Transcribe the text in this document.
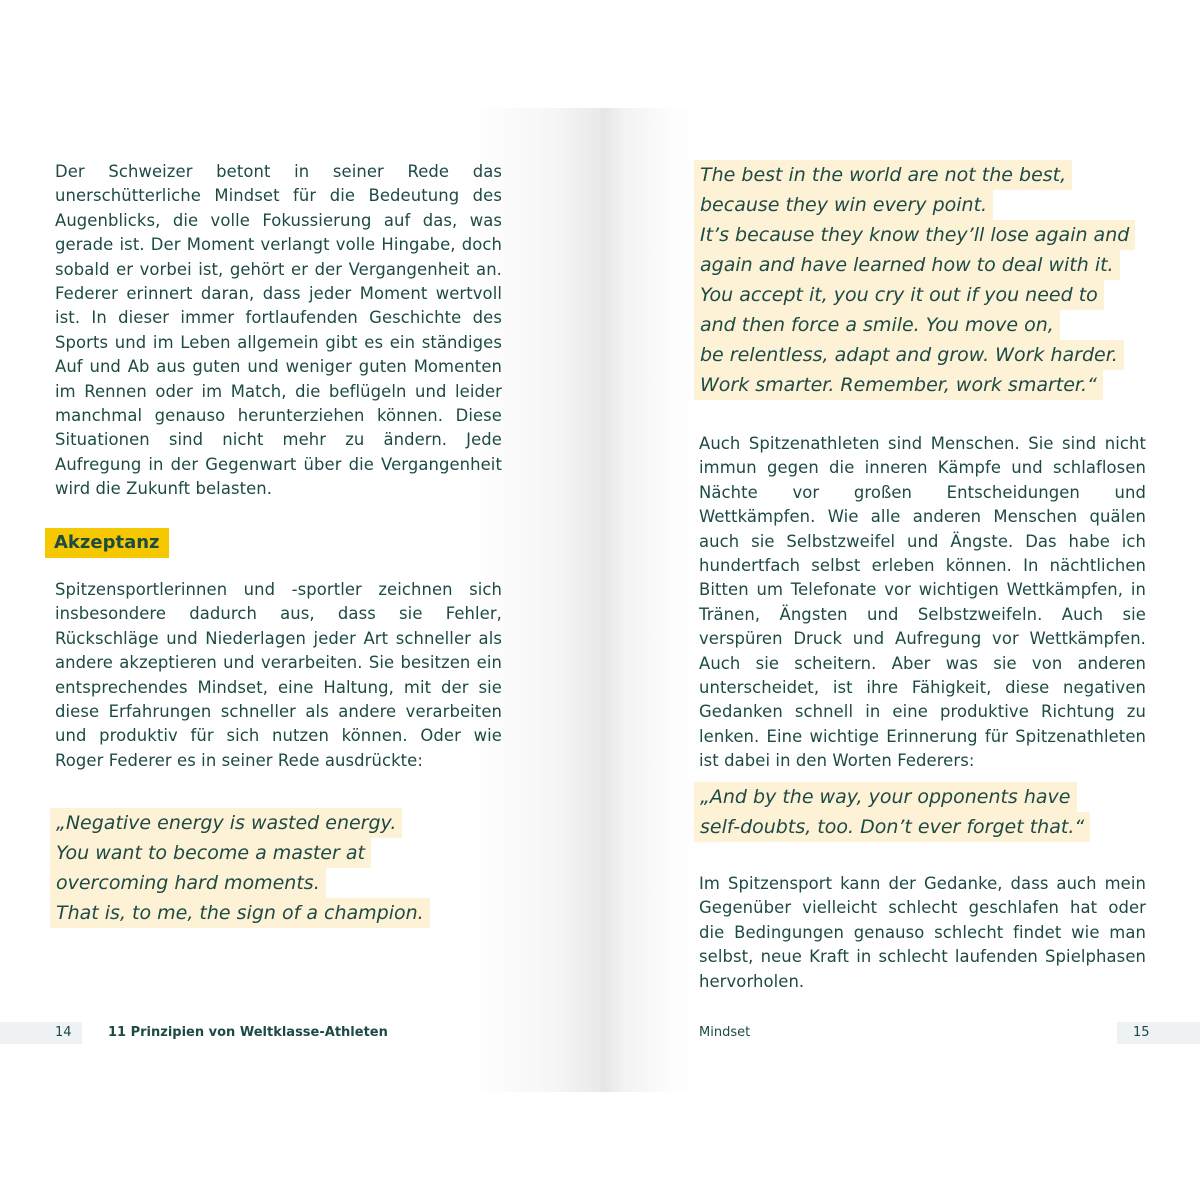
Der Schweizer betont in seiner Rede das unerschütterliche Mindset für die Bedeutung des Augenblicks, die volle Fokussierung auf das, was gerade ist. Der Moment verlangt volle Hingabe, doch sobald er vorbei ist, gehört er der Vergangenheit an. Federer erinnert daran, dass jeder Moment wertvoll ist. In dieser immer fortlaufenden Geschichte des Sports und im Leben allgemein gibt es ein ständiges Auf und Ab aus guten und weniger guten Momenten im Rennen oder im Match, die beflügeln und leider manchmal genauso herunterziehen können. Diese Situationen sind nicht mehr zu ändern. Jede Aufregung in der Gegenwart über die Vergangenheit wird die Zukunft belasten.

Akzeptanz

Spitzensportlerinnen und -sportler zeichnen sich insbesondere dadurch aus, dass sie Fehler, Rückschläge und Niederlagen jeder Art schneller als andere akzeptieren und verarbeiten. Sie besitzen ein entsprechendes Mindset, eine Haltung, mit der sie diese Erfahrungen schneller als andere verarbeiten und produktiv für sich nutzen können. Oder wie Roger Federer es in seiner Rede ausdrückte:

„Negative energy is wasted energy.
You want to become a master at
overcoming hard moments.
That is, to me, the sign of a champion.
14	11 Prinzipien von Weltklasse-Athleten
The best in the world are not the best,
because they win every point.
It’s because they know they’ll lose again and
again and have learned how to deal with it.
You accept it, you cry it out if you need to
and then force a smile. You move on,
be relentless, adapt and grow. Work harder.
Work smarter. Remember, work smarter.“

Auch Spitzenathleten sind Menschen. Sie sind nicht immun gegen die inneren Kämpfe und schlaflosen Nächte vor großen Entscheidungen und Wettkämpfen. Wie alle anderen Menschen quälen auch sie Selbstzweifel und Ängste. Das habe ich hundertfach selbst erleben können. In nächtlichen Bitten um Telefonate vor wichtigen Wettkämpfen, in Tränen, Ängsten und Selbstzweifeln. Auch sie verspüren Druck und Aufregung vor Wettkämpfen. Auch sie scheitern. Aber was sie von anderen unterscheidet, ist ihre Fähigkeit, diese negativen Gedanken schnell in eine produktive Richtung zu lenken. Eine wichtige Erinnerung für Spitzenathleten ist dabei in den Worten Federers:

„And by the way, your opponents have
self-doubts, too. Don’t ever forget that.“

Im Spitzensport kann der Gedanke, dass auch mein Gegenüber vielleicht schlecht geschlafen hat oder die Bedingungen genauso schlecht findet wie man selbst, neue Kraft in schlecht laufenden Spielphasen hervorholen.

Mindset	15
